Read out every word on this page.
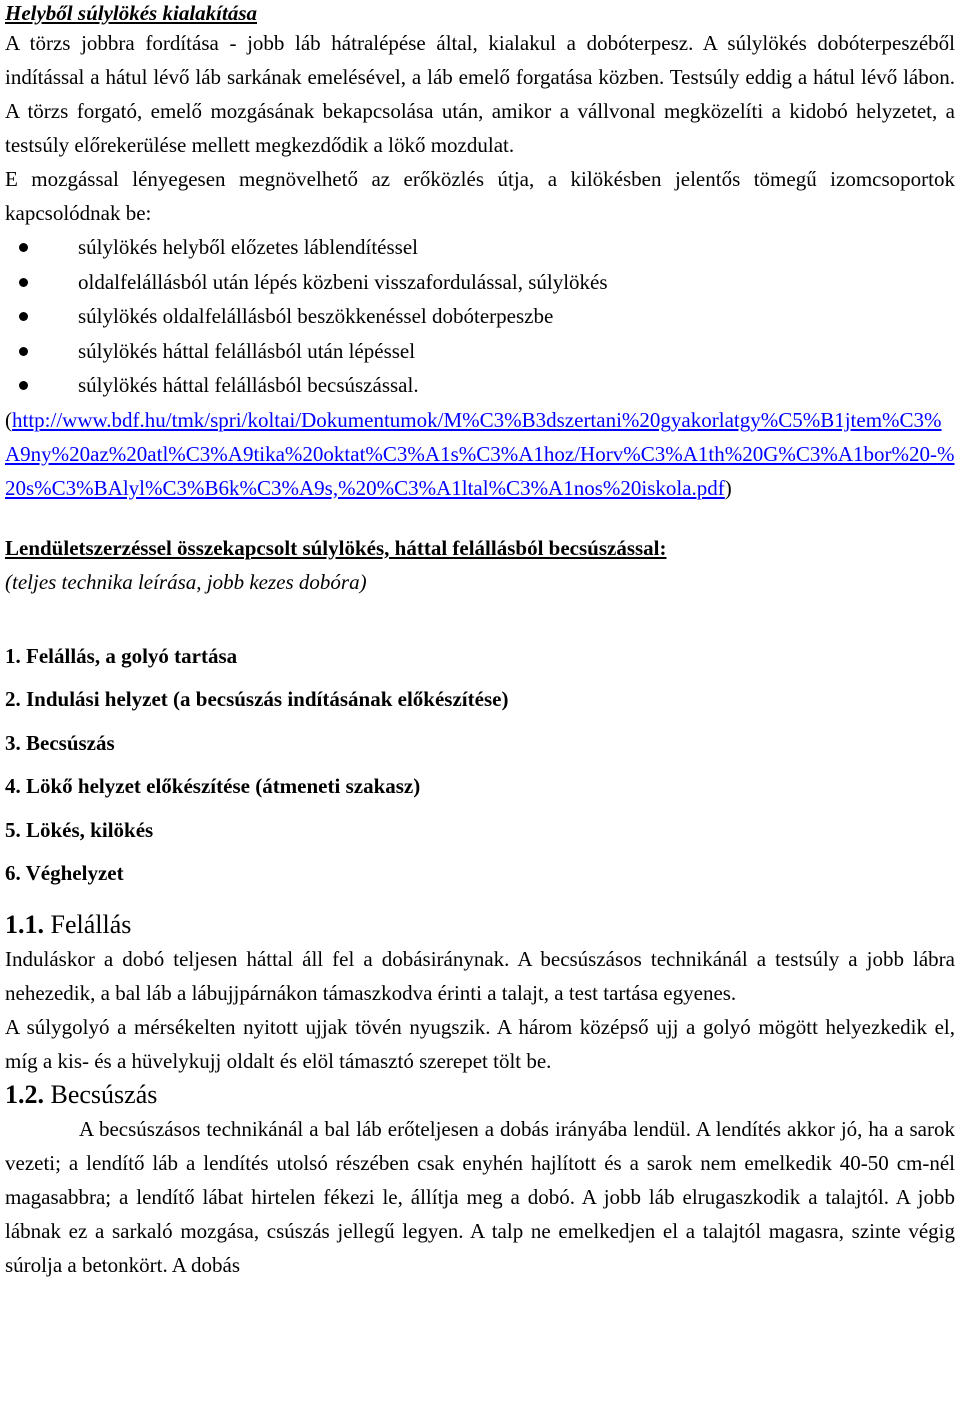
Helyből súlylökés kialakítása

A törzs jobbra fordítása - jobb láb hátralépése által, kialakul a dobóterpesz. A súlylökés dobóterpeszéből indítással a hátul lévő láb sarkának emelésével, a láb emelő forgatása közben. Testsúly eddig a hátul lévő lábon. A törzs forgató, emelő mozgásának bekapcsolása után, amikor a vállvonal megközelíti a kidobó helyzetet, a testsúly előrekerülése mellett megkezdődik a lökő mozdulat.

E mozgással lényegesen megnövelhető az erőközlés útja, a kilökésben jelentős tömegű izomcsoportok kapcsolódnak be:

súlylökés helyből előzetes láblendítéssel
oldalfelállásból után lépés közbeni visszafordulással, súlylökés
súlylökés oldalfelállásból beszökkenéssel dobóterpeszbe
súlylökés háttal felállásból után lépéssel
súlylökés háttal felállásból becsúszással.
(http://www.bdf.hu/tmk/spri/koltai/Dokumentumok/M%C3%B3dszertani%20gyakorlatgy%C5%B1jtem%C3%A9ny%20az%20atl%C3%A9tika%20oktat%C3%A1s%C3%A1hoz/Horv%C3%A1th%20G%C3%A1bor%20-%20s%C3%BAlyl%C3%B6k%C3%A9s,%20%C3%A1ltal%C3%A1nos%20iskola.pdf)
Lendületszerzéssel összekapcsolt súlylökés, háttal felállásból becsúszással:
(teljes technika leírása, jobb kezes dobóra)
1. Felállás, a golyó tartása
2. Indulási helyzet (a becsúszás indításának előkészítése)
3. Becsúszás
4. Lökő helyzet előkészítése (átmeneti szakasz)
5. Lökés, kilökés
6. Véghelyzet
1.1. Felállás

Induláskor a dobó teljesen háttal áll fel a dobásiránynak. A becsúszásos technikánál a testsúly a jobb lábra nehezedik, a bal láb a lábujjpárnákon támaszkodva érinti a talajt, a test tartása egyenes.

A súlygolyó a mérsékelten nyitott ujjak tövén nyugszik. A három középső ujj a golyó mögött helyezkedik el, míg a kis- és a hüvelykujj oldalt és elöl támasztó szerepet tölt be.

1.2. Becsúszás

A becsúszásos technikánál a bal láb erőteljesen a dobás irányába lendül. A lendítés akkor jó, ha a sarok vezeti; a lendítő láb a lendítés utolsó részében csak enyhén hajlított és a sarok nem emelkedik 40-50 cm-nél magasabbra; a lendítő lábat hirtelen fékezi le, állítja meg a dobó. A jobb láb elrugaszkodik a talajtól. A jobb lábnak ez a sarkaló mozgása, csúszás jellegű legyen. A talp ne emelkedjen el a talajtól magasra, szinte végig súrolja a betonkört. A dobás
